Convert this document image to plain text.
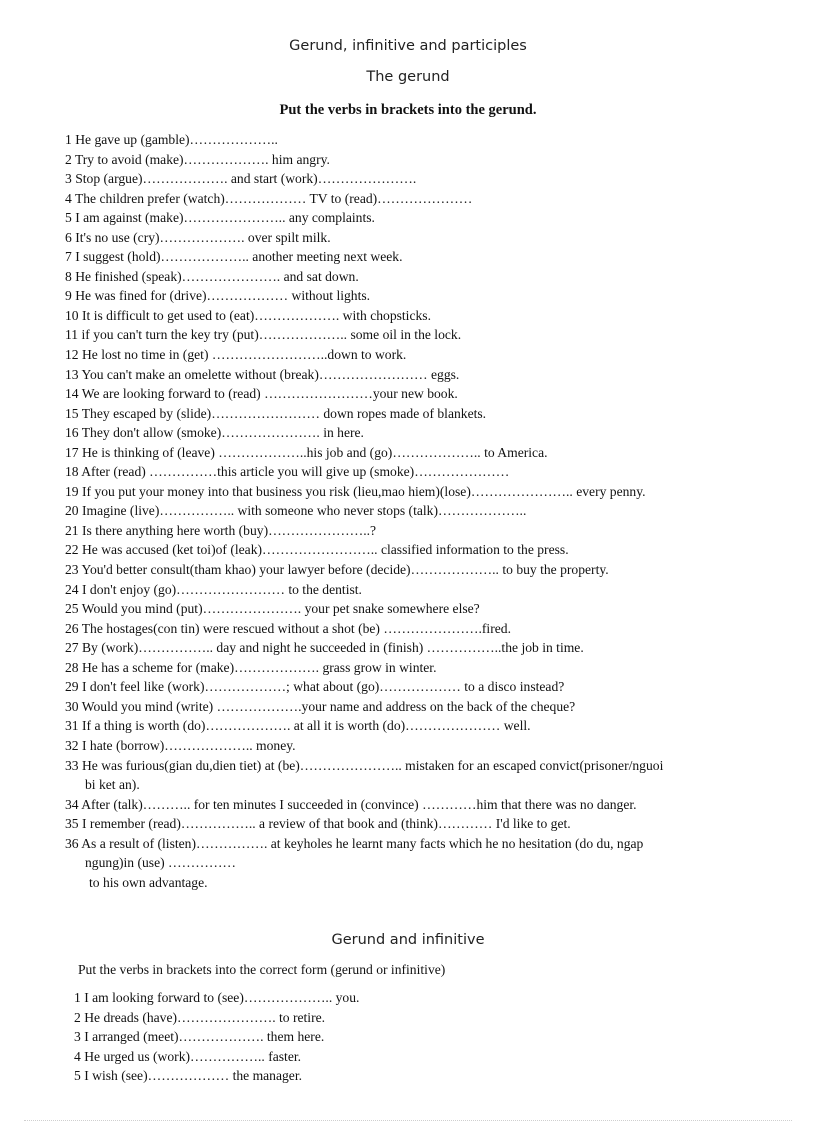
Gerund, infinitive and participles
The gerund
Put the verbs in brackets into the gerund.
1 He gave up (gamble)………………..
2 Try to avoid (make)………………. him angry.
3 Stop (argue)………………. and start (work)………………….
4 The children prefer (watch)……………… TV to (read)…………………
5 I am against (make)………………….. any complaints.
6 It's no use (cry)………………. over spilt milk.
7 I suggest (hold)……………….. another meeting next week.
8 He finished (speak)…………………. and sat down.
9 He was fined for (drive)……………… without lights.
10 It is difficult to get used to (eat)………………. with chopsticks.
11 if you can't turn the key try (put)……………….. some oil in the lock.
12 He lost no time in (get) ……………………..down to work.
13 You can't make an omelette without (break)…………………… eggs.
14 We are looking forward to (read) ……………………your new book.
15 They escaped by (slide)…………………… down ropes made of blankets.
16 They don't allow (smoke)…………………. in here.
17 He is thinking of (leave) ………………..his job and (go)……………….. to America.
18 After (read) ……………this article you will give up (smoke)…………………
19 If you put your money into that business you risk (lieu,mao hiem)(lose)………………….. every penny.
20 Imagine (live)…………….. with someone who never stops (talk)………………..
21 Is there anything here worth (buy)…………………..?
22 He was accused (ket toi)of (leak)…………………….. classified information to the press.
23 You'd better consult(tham khao) your lawyer before (decide)……………….. to buy the property.
24 I don't enjoy (go)…………………… to the dentist.
25 Would you mind (put)…………………. your pet snake somewhere else?
26 The hostages(con tin) were rescued without a shot (be) ………………….fired.
27 By (work)…………….. day and night he succeeded in (finish) ……………..the job in time.
28 He has a scheme for (make)………………. grass grow in winter.
29 I don't feel like (work)………………; what about (go)……………… to a disco instead?
30 Would you mind (write) ……………….your name and address on the back of the cheque?
31 If a thing is worth (do)………………. at all it is worth (do)………………… well.
32 I hate (borrow)……………….. money.
33 He was furious(gian du,dien tiet) at (be)………………….. mistaken for an escaped convict(prisoner/nguoi
bi ket an).
34 After (talk)……….. for ten minutes I succeeded in (convince) …………him that there was no danger.
35 I remember (read)…………….. a review of that book and (think)………… I'd like to get.
36 As a result of (listen)……………. at keyholes he learnt many facts which he no hesitation (do du, ngap
ngung)in (use) ……………
to his own advantage.
Gerund and infinitive
Put the verbs in brackets into the correct form (gerund or infinitive)
1 I am looking forward to (see)……………….. you.
2 He dreads (have)…………………. to retire.
3 I arranged (meet)………………. them here.
4 He urged us (work)…………….. faster.
5 I wish (see)……………… the manager.
